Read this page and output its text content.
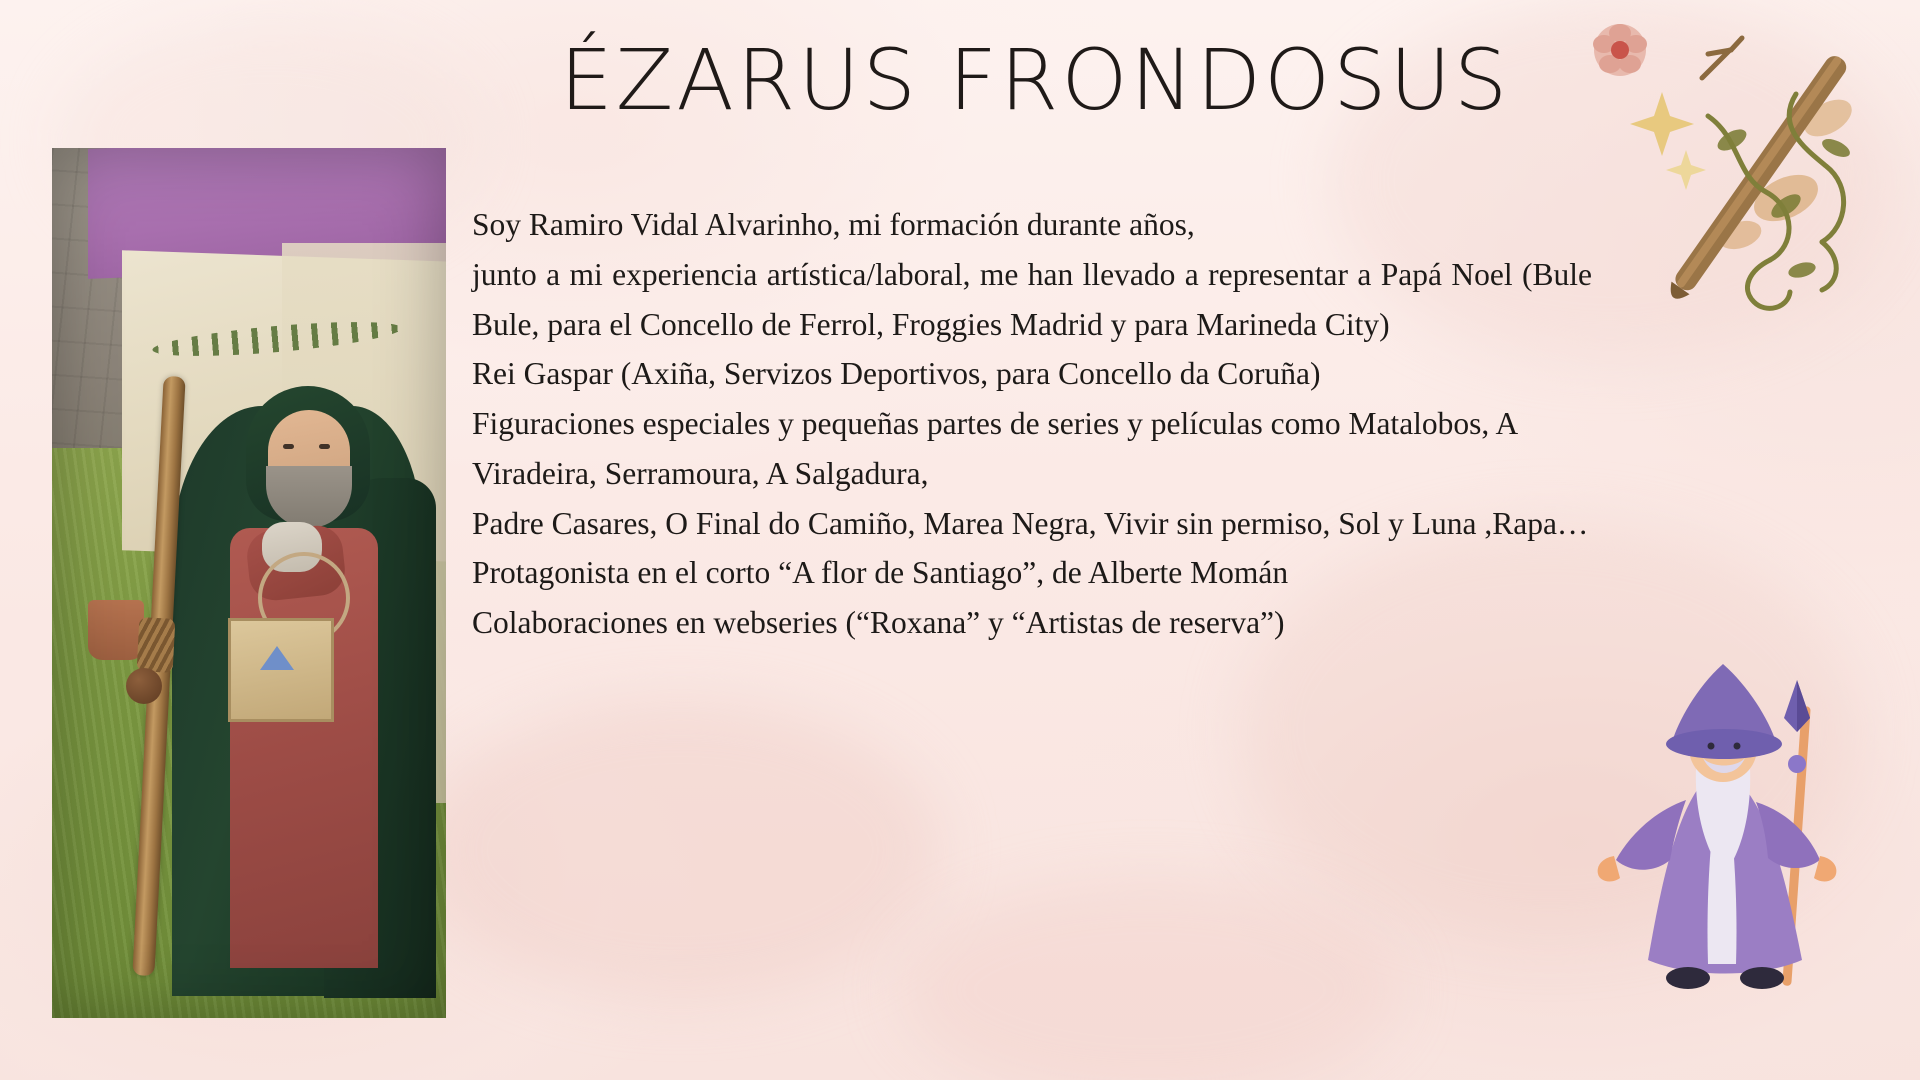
ÉZARUS FRONDOSUS

Soy Ramiro Vidal Alvarinho, mi formación durante años,

junto a mi experiencia artística/laboral, me han llevado a representar a Papá Noel (Bule Bule, para el Concello de Ferrol, Froggies Madrid y para Marineda City)

Rei Gaspar (Axiña, Servizos Deportivos, para Concello da Coruña)

Figuraciones especiales y pequeñas partes de series y películas como Matalobos, A Viradeira, Serramoura, A Salgadura,

Padre Casares, O Final do Camiño, Marea Negra, Vivir sin permiso, Sol y Luna ,Rapa…

Protagonista en el corto “A flor de Santiago”, de Alberte Momán

Colaboraciones en webseries (“Roxana” y “Artistas de reserva”)
